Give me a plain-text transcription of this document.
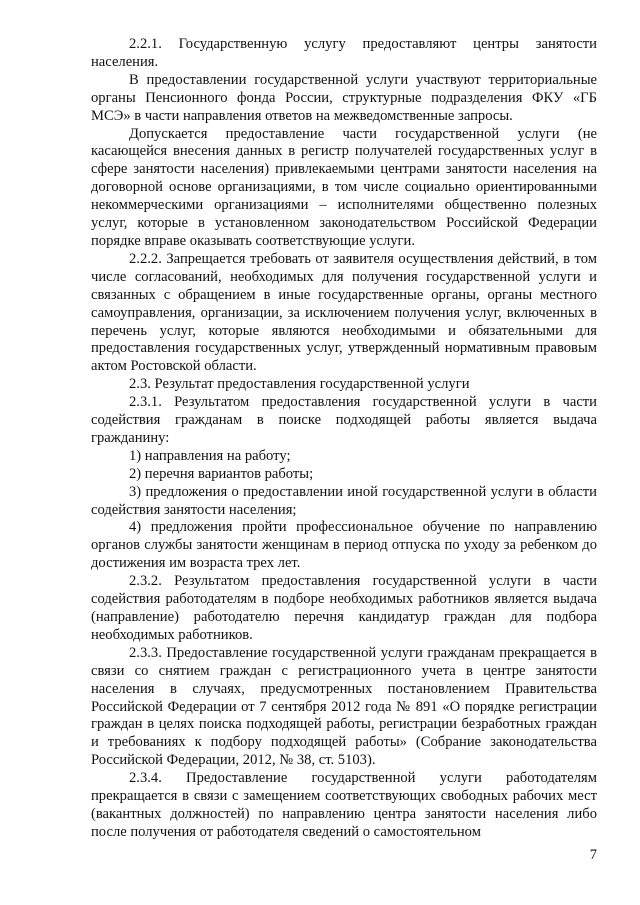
2.2.1. Государственную услугу предоставляют центры занятости населения.

В предоставлении государственной услуги участвуют территориальные органы Пенсионного фонда России, структурные подразделения ФКУ «ГБ МСЭ» в части направления ответов на межведомственные запросы.

Допускается предоставление части государственной услуги (не касающейся внесения данных в регистр получателей государственных услуг в сфере занятости населения) привлекаемыми центрами занятости населения на договорной основе организациями, в том числе социально ориентированными некоммерческими организациями – исполнителями общественно полезных услуг, которые в установленном законодательством Российской Федерации порядке вправе оказывать соответствующие услуги.

2.2.2. Запрещается требовать от заявителя осуществления действий, в том числе согласований, необходимых для получения государственной услуги и связанных с обращением в иные государственные органы, органы местного самоуправления, организации, за исключением получения услуг, включенных в перечень услуг, которые являются необходимыми и обязательными для предоставления государственных услуг, утвержденный нормативным правовым актом Ростовской области.

2.3. Результат предоставления государственной услуги

2.3.1. Результатом предоставления государственной услуги в части содействия гражданам в поиске подходящей работы является выдача гражданину:

1) направления на работу;

2) перечня вариантов работы;

3) предложения о предоставлении иной государственной услуги в области содействия занятости населения;

4) предложения пройти профессиональное обучение по направлению органов службы занятости женщинам в период отпуска по уходу за ребенком до достижения им возраста трех лет.

2.3.2. Результатом предоставления государственной услуги в части содействия работодателям в подборе необходимых работников является выдача (направление) работодателю перечня кандидатур граждан для подбора необходимых работников.

2.3.3. Предоставление государственной услуги гражданам прекращается в связи со снятием граждан с регистрационного учета в центре занятости населения в случаях, предусмотренных постановлением Правительства Российской Федерации от 7 сентября 2012 года № 891 «О порядке регистрации граждан в целях поиска подходящей работы, регистрации безработных граждан и требованиях к подбору подходящей работы» (Собрание законодательства Российской Федерации, 2012, № 38, ст. 5103).

2.3.4. Предоставление государственной услуги работодателям прекращается в связи с замещением соответствующих свободных рабочих мест (вакантных должностей) по направлению центра занятости населения либо после получения от работодателя сведений о самостоятельном

7
